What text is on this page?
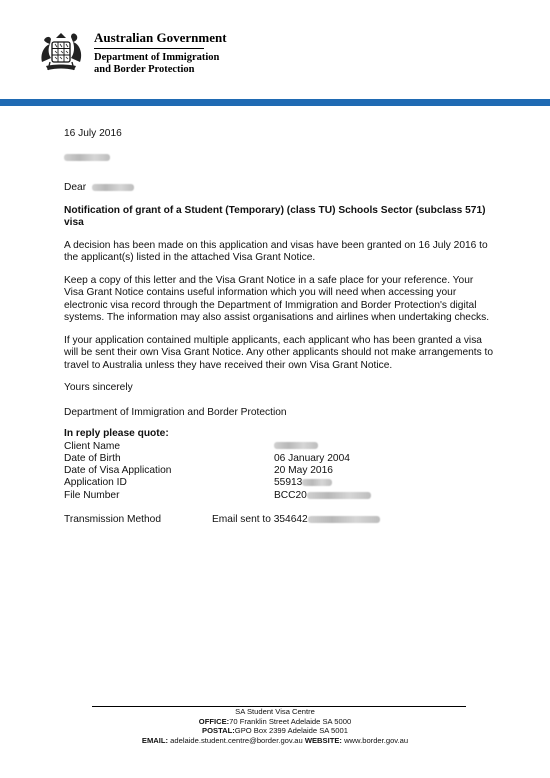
Australian Government
Department of Immigration
and Border Protection

16 July 2016

Dear

Notification of grant of a Student (Temporary) (class TU) Schools Sector (subclass 571) visa

A decision has been made on this application and visas have been granted on 16 July 2016 to the applicant(s) listed in the attached Visa Grant Notice.

Keep a copy of this letter and the Visa Grant Notice in a safe place for your reference. Your Visa Grant Notice contains useful information which you will need when accessing your electronic visa record through the Department of Immigration and Border Protection's digital systems. The information may also assist organisations and airlines when undertaking checks.

If your application contained multiple applicants, each applicant who has been granted a visa will be sent their own Visa Grant Notice. Any other applicants should not make arrangements to travel to Australia unless they have received their own Visa Grant Notice.

Yours sincerely

Department of Immigration and Border Protection

In reply please quote:

Client Name	
Date of Birth	06 January 2004
Date of Visa Application	20 May 2016
Application ID	55913
File Number	BCC20
Transmission Method	Email sent to 354642
SA Student Visa Centre
OFFICE:70 Franklin Street Adelaide SA 5000
POSTAL:GPO Box 2399 Adelaide SA 5001
EMAIL: adelaide.student.centre@border.gov.au WEBSITE: www.border.gov.au
